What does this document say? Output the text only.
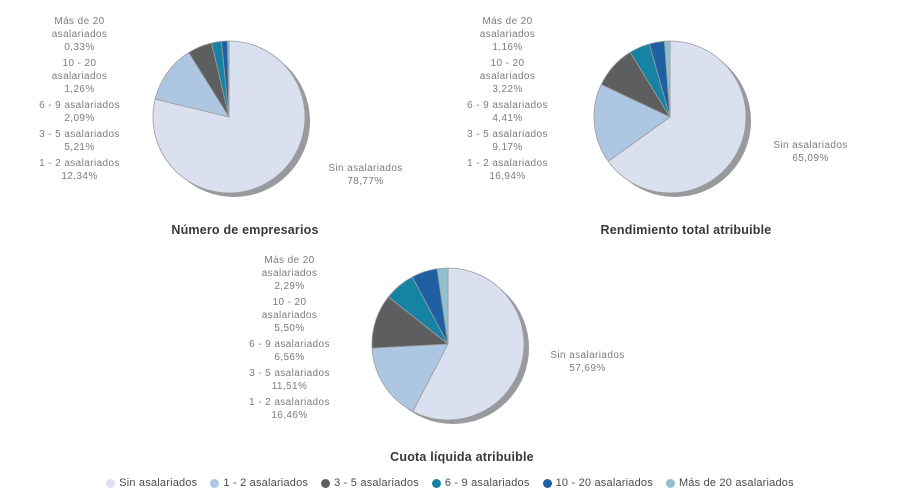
Más de 20
asalariados
0,33%
10 - 20
asalariados
1,26%
6 - 9 asalariados
2,09%
3 - 5 asalariados
5,21%
1 - 2 asalariados
12,34%
Sin asalariados
78,77%
Número de empresarios
Más de 20
asalariados
1,16%
10 - 20
asalariados
3,22%
6 - 9 asalariados
4,41%
3 - 5 asalariados
9,17%
1 - 2 asalariados
16,94%
Sin asalariados
65,09%
Rendimiento total atribuible
Más de 20
asalariados
2,29%
10 - 20
asalariados
5,50%
6 - 9 asalariados
6,56%
3 - 5 asalariados
11,51%
1 - 2 asalariados
16,46%
Sin asalariados
57,69%
Cuota líquida atribuible
Sin asalariados 1 - 2 asalariados 3 - 5 asalariados 6 - 9 asalariados 10 - 20 asalariados Más de 20 asalariados
